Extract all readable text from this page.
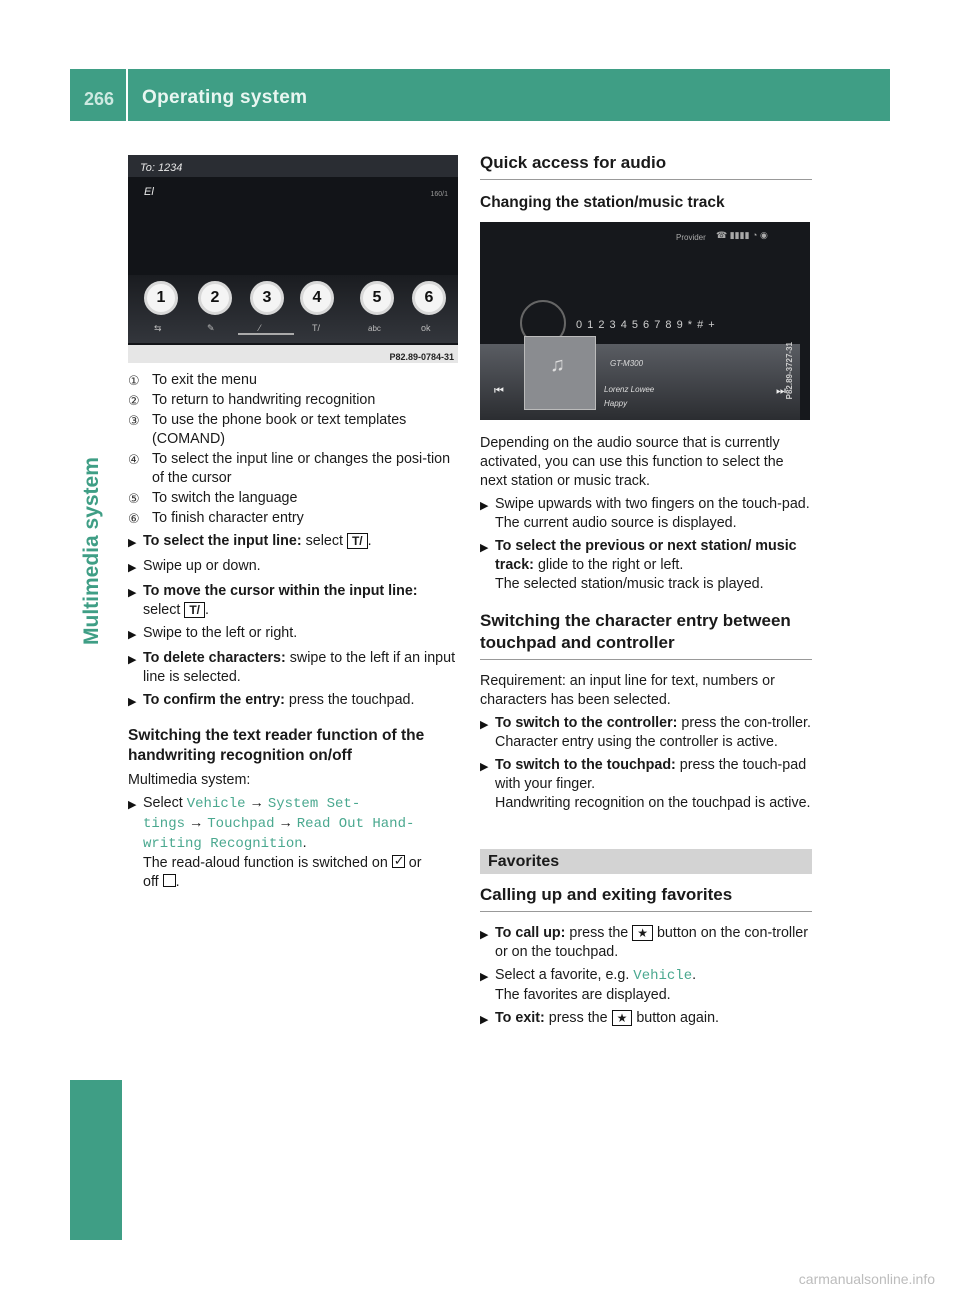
266 Operating system
Multimedia system
To: 1234
El	160/1
1	2	3	4	5	6
⇆	✎	⁄	T/	abc	ok
P82.89-0784-31
① To exit the menu
② To return to handwriting recognition
③ To use the phone book or text templates (COMAND)
④ To select the input line or changes the posi-tion of the cursor
⑤ To switch the language
⑥ To finish character entry
▶ To select the input line: select T/ .
▶ Swipe up or down.
▶ To move the cursor within the input line:
select T/ .
▶ Swipe to the left or right.
▶ To delete characters: swipe to the left if an input line is selected.
▶ To confirm the entry: press the touchpad.
Switching the text reader function of the handwriting recognition on/off
Multimedia system:
▶ Select Vehicle → System Set‐
tings → Touchpad → Read Out Hand‐
writing Recognition.
The read-aloud function is switched on ✓ or
off .
Quick access for audio
Changing the station/music track
Provider ☎ ▮▮▮▮ ◔ ◉
0 1 2 3 4 5 6 7 8 9 * # +
♫
⏮
GT-M300
Lorenz Lowee
Happy
⏭ P82.89-3727-31
Depending on the audio source that is currently activated, you can use this function to select the next station or music track.
▶ Swipe upwards with two fingers on the touch-pad.
The current audio source is displayed.
▶ To select the previous or next station/ music track: glide to the right or left.
The selected station/music track is played.
Switching the character entry between touchpad and controller
Requirement: an input line for text, numbers or characters has been selected.
▶ To switch to the controller: press the con-troller.
Character entry using the controller is active.
▶ To switch to the touchpad: press the touch-pad with your finger.
Handwriting recognition on the touchpad is active.
Favorites
Calling up and exiting favorites
▶ To call up: press the ★ button on the con-troller or on the touchpad.
▶ Select a favorite, e.g. Vehicle.
The favorites are displayed.
▶ To exit: press the ★ button again.
carmanualsonline.info
